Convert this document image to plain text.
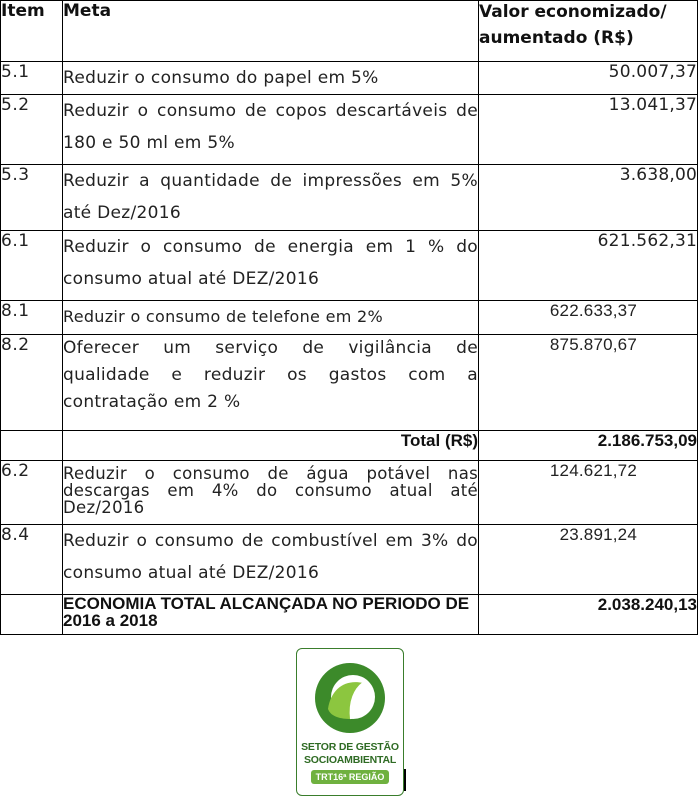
Item	Meta	Valor economizado/
aumentado (R$)

5.1	Reduzir o consumo do papel em 5%	50.007,37
5.2	Reduzir o consumo de copos descartáveis de 180 e 50 ml em 5%	13.041,37
5.3	Reduzir a quantidade de impressões em 5% até Dez/2016	3.638,00
6.1	Reduzir o consumo de energia em 1 % do consumo atual até DEZ/2016	621.562,31
8.1	Reduzir o consumo de telefone em 2%	622.633,37
8.2	Oferecer um serviço de vigilância de qualidade e reduzir os gastos com a contratação em 2 %	875.870,67
	Total (R$)	2.186.753,09
6.2	Reduzir o consumo de água potável nas descargas em 4% do consumo atual até Dez/2016	124.621,72
8.4	Reduzir o consumo de combustível em 3% do consumo atual até DEZ/2016	23.891,24
	ECONOMIA TOTAL ALCANÇADA NO PERIODO DE 2016 a 2018	2.038.240,13
SETOR DE GESTÃO
SOCIOAMBIENTAL
TRT16ª REGIÃO
